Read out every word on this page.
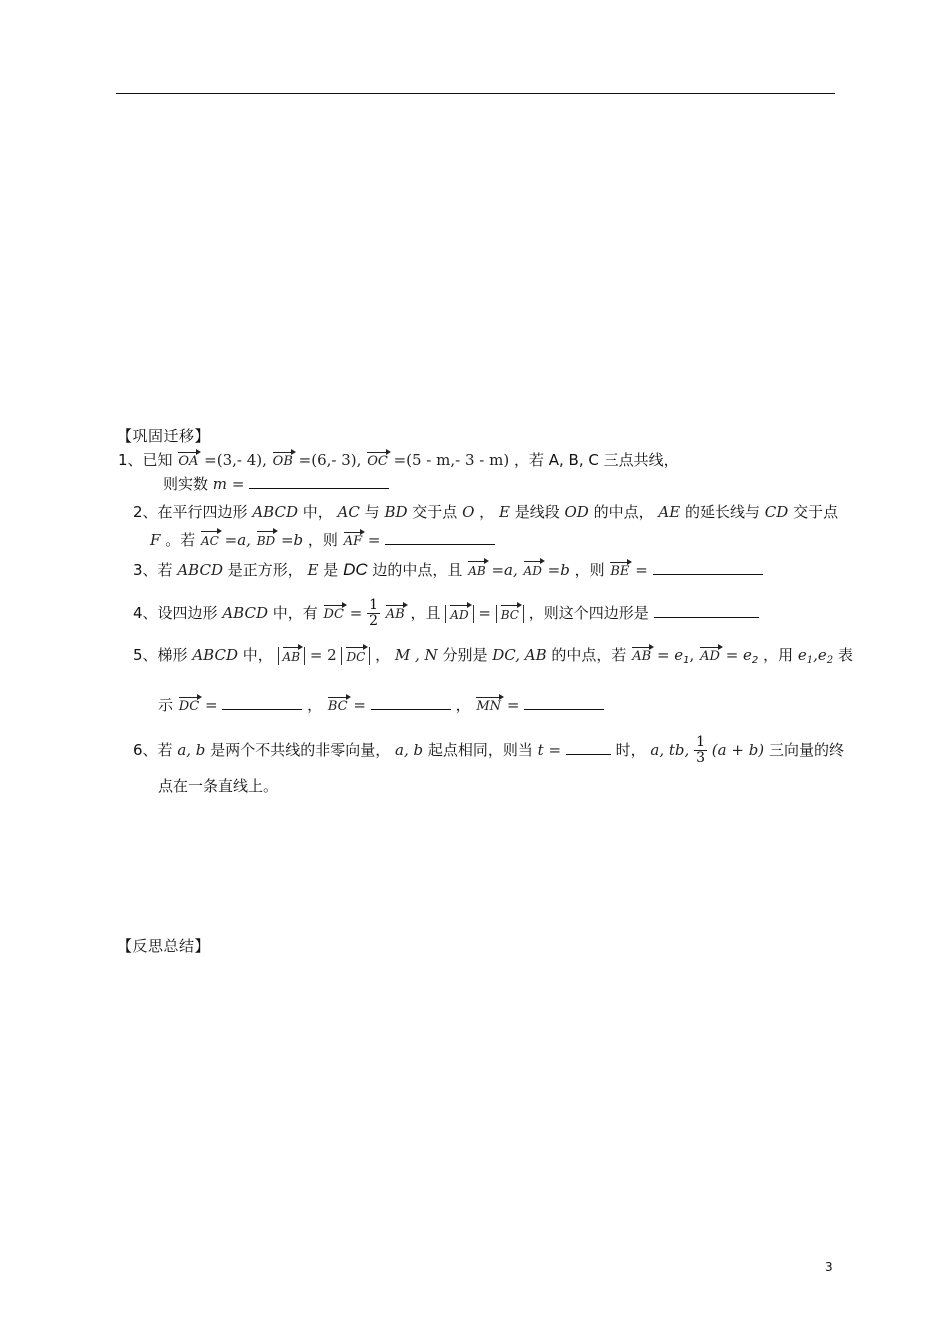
【巩固迁移】
1、已知 OA =(3,- 4), OB =(6,- 3), OC =(5 - m,- 3 - m) ，若 A, B, C 三点共线，
则实数 m =
2、在平行四边形 ABCD 中， AC 与 BD 交于点 O ， E 是线段 OD 的中点， AE 的延长线与 CD 交于点
F 。若 AC =a, BD =b ，则 AF =
3、若 ABCD 是正方形， E 是 DC 边的中点，且 AB =a, AD =b ，则 BE =
4、设四边形 ABCD 中，有 DC = $\frac{1}{2}$ AB ，且 AD = BC ，则这个四边形是
5、梯形 ABCD 中， AB = 2 DC ， M , N 分别是 DC, AB 的中点，若 AB = $e_1$, AD = $e_2$ ，用 $e_1,e_2$ 表
示 DC =	， BC =	， MN =
6、若 a, b 是两个不共线的非零向量， a, b 起点相同，则当 t =	时， a, tb, $\frac{1}{3} (a + b)$ 三向量的终
点在一条直线上。
【反思总结】
3
